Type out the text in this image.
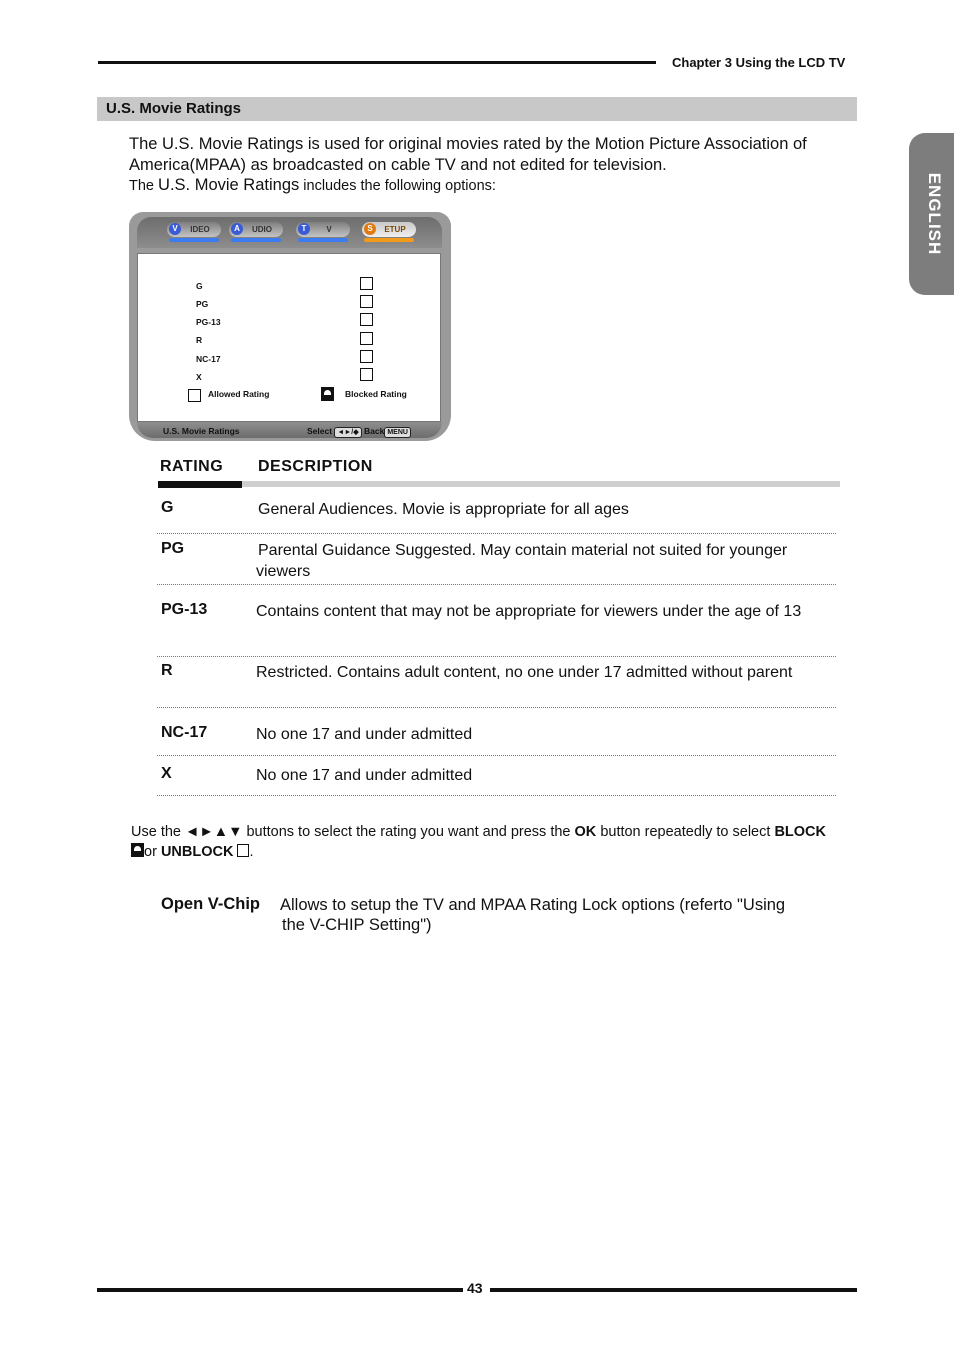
Chapter 3 Using the LCD TV
U.S. Movie Ratings
ENGLISH
The U.S. Movie Ratings is used for original movies rated by the Motion Picture Association of America(MPAA) as broadcasted on cable TV and not edited for television.
The U.S. Movie Ratings includes the following options:
V	IDEO	A	UDIO	T	V	S	ETUP
G
PG
PG-13
R
NC-17
X
Allowed Rating	Blocked Rating
U.S. Movie Ratings	Select ◄►/◆ Back MENU
RATING DESCRIPTION
G	General Audiences. Movie is appropriate for all ages
PG	Parental Guidance Suggested. May contain material not suited for younger viewers
PG-13	Contains content that may not be appropriate for viewers under the age of 13
R	Restricted. Contains adult content, no one under 17 admitted without parent
NC-17	No one 17 and under admitted
X	No one 17 and under admitted
Use the ◄►▲▼ buttons to select the rating you want and press the OK button repeatedly to select BLOCK or UNBLOCK .
Open V-Chip Allows to setup the TV and MPAA Rating Lock options (referto "Using
the V-CHIP Setting")
43
